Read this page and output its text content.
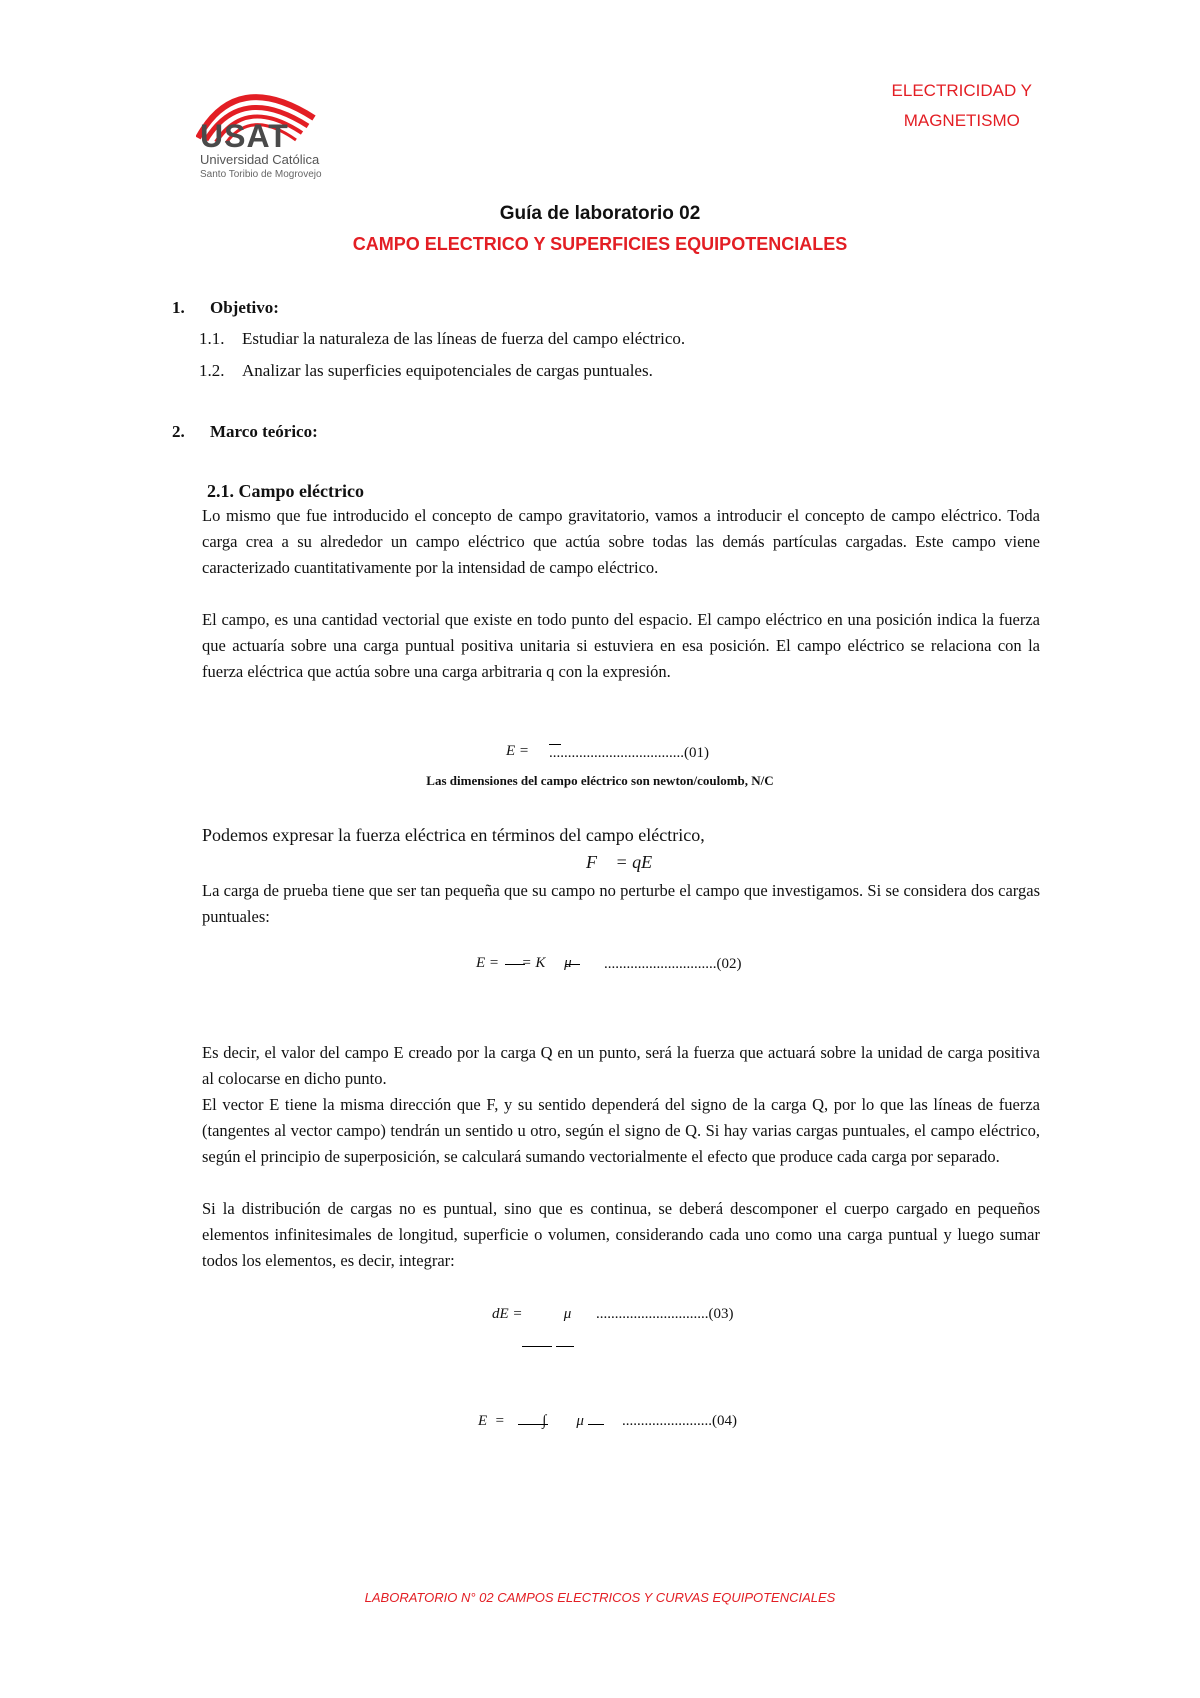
USAT
Universidad Católica
Santo Toribio de Mogrovejo
ELECTRICIDAD Y
MAGNETISMO
Guía de laboratorio 02
CAMPO ELECTRICO Y SUPERFICIES EQUIPOTENCIALES
1. Objetivo:
1.1. Estudiar la naturaleza de las líneas de fuerza del campo eléctrico.
1.2. Analizar las superficies equipotenciales de cargas puntuales.
2. Marco teórico:
2.1. Campo eléctrico
Lo mismo que fue introducido el concepto de campo gravitatorio, vamos a introducir el concepto de campo eléctrico. Toda carga crea a su alrededor un campo eléctrico que actúa sobre todas las demás partículas cargadas. Este campo viene caracterizado cuantitativamente por la intensidad de campo eléctrico.
El campo, es una cantidad vectorial que existe en todo punto del espacio. El campo eléctrico en una posición indica la fuerza que actuaría sobre una carga puntual positiva unitaria si estuviera en esa posición. El campo eléctrico se relaciona con la fuerza eléctrica que actúa sobre una carga arbitraria q con la expresión.
E = ....................................(01)
Las dimensiones del campo eléctrico son newton/coulomb, N/C
Podemos expresar la fuerza eléctrica en términos del campo eléctrico,
F⃗ = qE⃗
La carga de prueba tiene que ser tan pequeña que su campo no perturbe el campo que investigamos. Si se considera dos cargas puntuales:
E =      = K     μ⃗ ..............................(02)
Es decir, el valor del campo E creado por la carga Q en un punto, será la fuerza que actuará sobre la unidad de carga positiva al colocarse en dicho punto.
El vector E tiene la misma dirección que F, y su sentido dependerá del signo de la carga Q, por lo que las líneas de fuerza (tangentes al vector campo) tendrán un sentido u otro, según el signo de Q. Si hay varias cargas puntuales, el campo eléctrico, según el principio de superposición, se calculará sumando vectorialmente el efecto que produce cada carga por separado.
Si la distribución de cargas no es puntual, sino que es continua, se deberá descomponer el cuerpo cargado en pequeños elementos infinitesimales de longitud, superficie o volumen, considerando cada uno como una carga puntual y luego sumar todos los elementos, es decir, integrar:
dE =           μ ..............................(03)
E  =          ∫        μ	........................(04)
LABORATORIO N° 02 CAMPOS ELECTRICOS Y CURVAS EQUIPOTENCIALES
